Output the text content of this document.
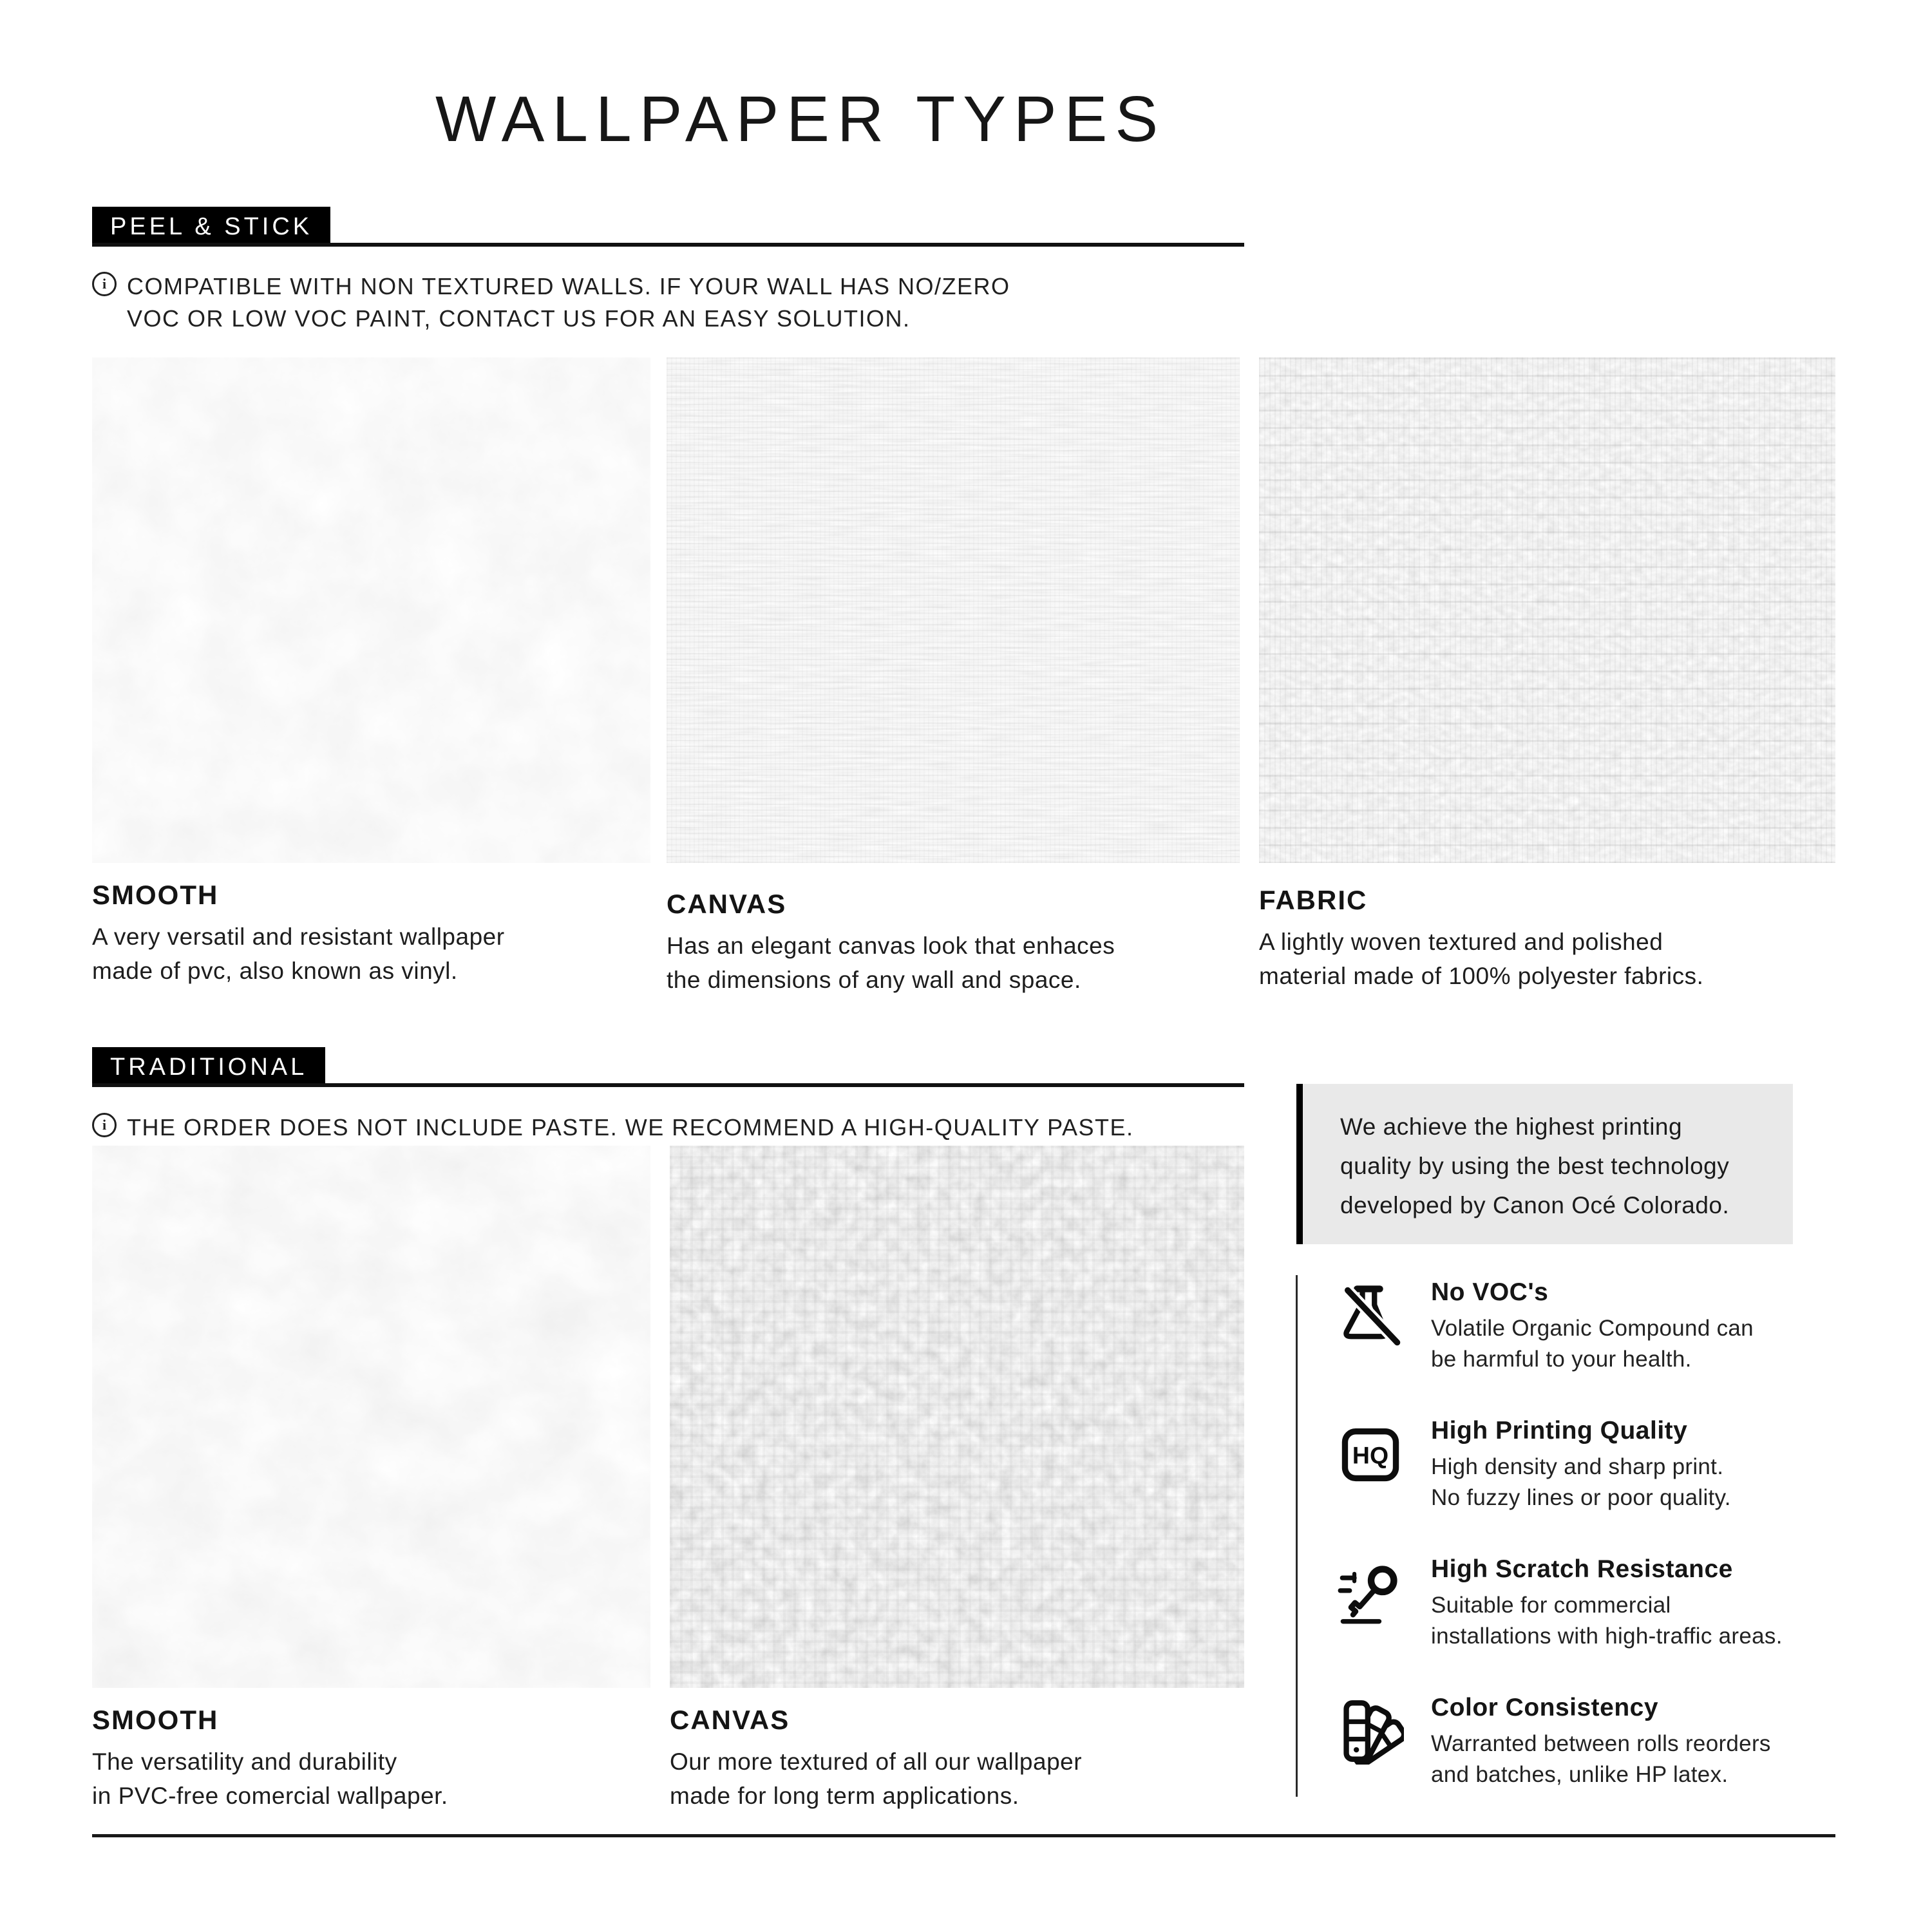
WALLPAPER TYPES
PEEL & STICK
i COMPATIBLE WITH NON TEXTURED WALLS. IF YOUR WALL HAS NO/ZERO
VOC OR LOW VOC PAINT, CONTACT US FOR AN EASY SOLUTION.
SMOOTH

A very versatil and resistant wallpaper
made of pvc, also known as vinyl.

CANVAS

Has an elegant canvas look that enhaces
the dimensions of any wall and space.

FABRIC

A lightly woven textured and polished
material made of 100% polyester fabrics.

TRADITIONAL
i THE ORDER DOES NOT INCLUDE PASTE. WE RECOMMEND A HIGH-QUALITY PASTE.
SMOOTH

The versatility and durability
in PVC-free comercial wallpaper.

CANVAS

Our more textured of all our wallpaper
made for long term applications.

We achieve the highest printing
quality by using the best technology
developed by Canon Océ Colorado.
No VOC's

Volatile Organic Compound can
be harmful to your health.

HQ
High Printing Quality

High density and sharp print.
No fuzzy lines or poor quality.

High Scratch Resistance

Suitable for commercial
installations with high-traffic areas.

Color Consistency

Warranted between rolls reorders
and batches, unlike HP latex.
